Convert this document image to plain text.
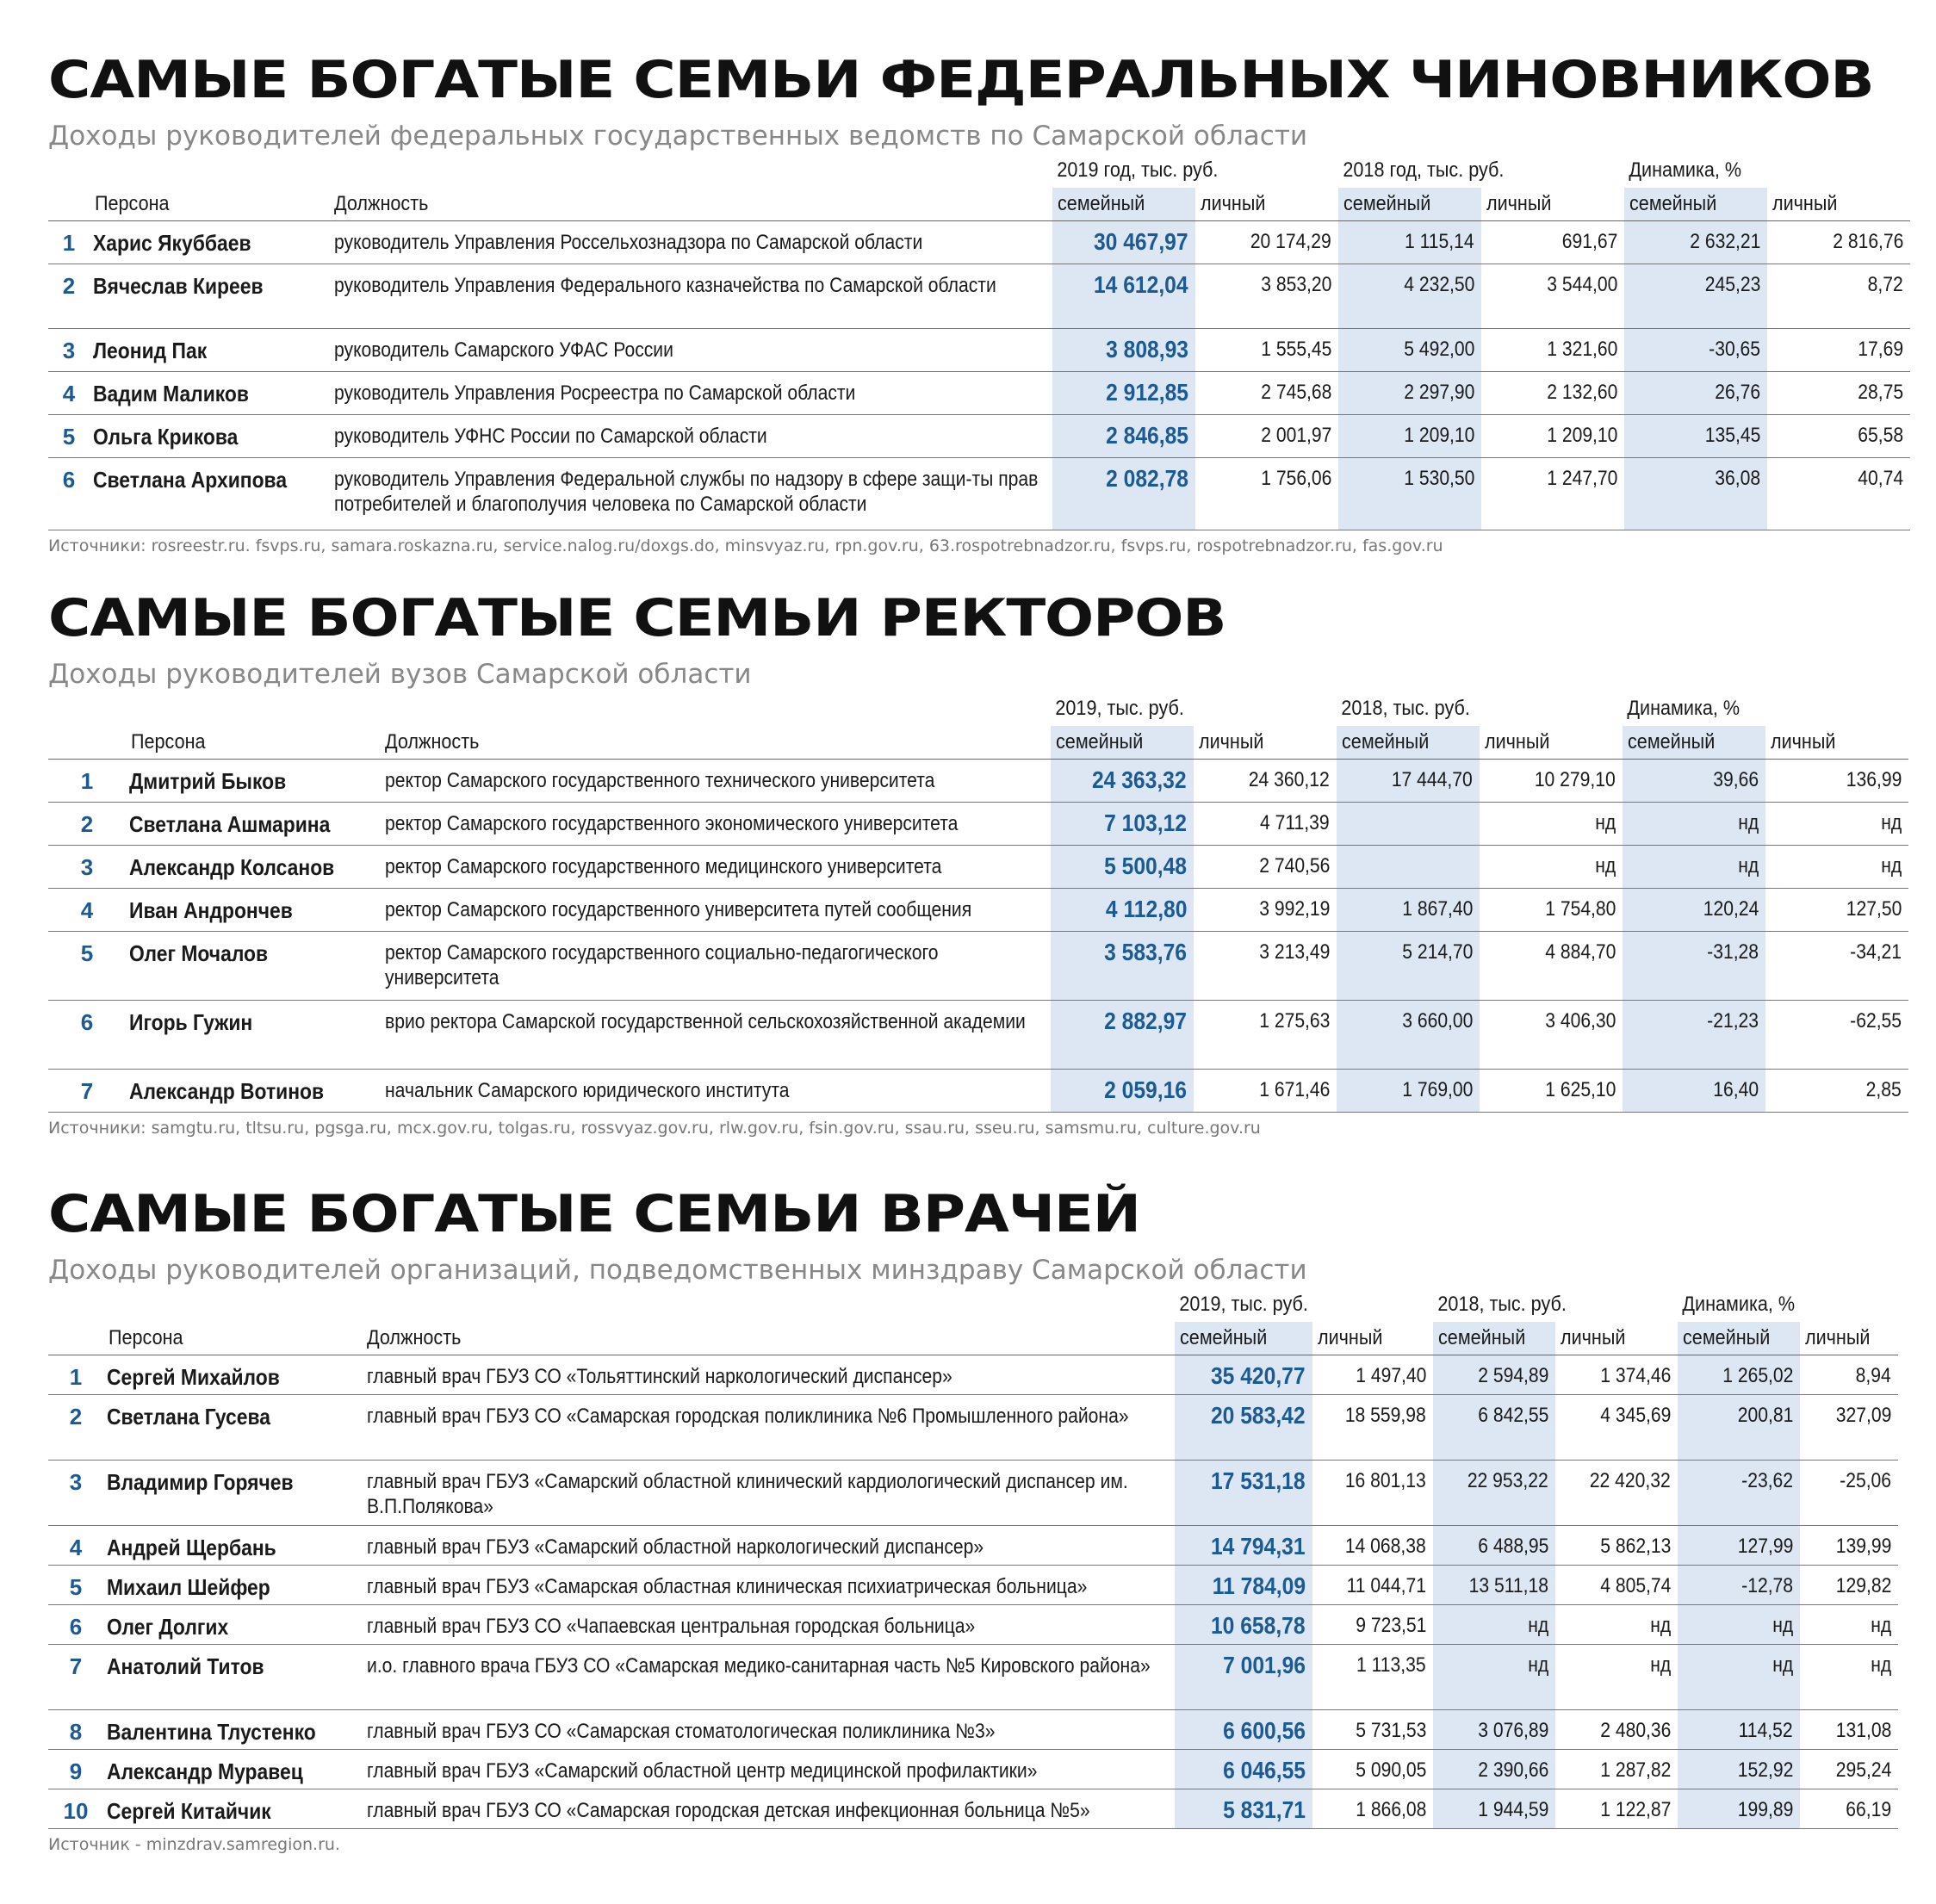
САМЫЕ БОГАТЫЕ СЕМЬИ ФЕДЕРАЛЬНЫХ ЧИНОВНИКОВ
Доходы руководителей федеральных государственных ведомств по Самарской области
			2019 год, тыс. руб.		2018 год, тыс. руб.		Динамика, %	
	Персона	Должность	семейный	личный	семейный	личный	семейный	личный
1	Харис Якуббаев	руководитель Управления Россельхознадзора по Самарской области	30 467,97	20 174,29	1 115,14	691,67	2 632,21	2 816,76
2	Вячеслав Киреев	руководитель Управления Федерального казначейства по Самарской области	14 612,04	3 853,20	4 232,50	3 544,00	245,23	8,72
3	Леонид Пак	руководитель Самарского УФАС России	3 808,93	1 555,45	5 492,00	1 321,60	-30,65	17,69
4	Вадим Маликов	руководитель Управления Росреестра по Самарской области	2 912,85	2 745,68	2 297,90	2 132,60	26,76	28,75
5	Ольга Крикова	руководитель УФНС России по Самарской области	2 846,85	2 001,97	1 209,10	1 209,10	135,45	65,58
6	Светлана Архипова	руководитель Управления Федеральной службы по надзору в сфере защи-ты прав потребителей и благополучия человека по Самарской области	2 082,78	1 756,06	1 530,50	1 247,70	36,08	40,74
Источники: rosreestr.ru. fsvps.ru, samara.roskazna.ru, service.nalog.ru/doxgs.do, minsvyaz.ru, rpn.gov.ru, 63.rospotrebnadzor.ru, fsvps.ru, rospotrebnadzor.ru, fas.gov.ru
САМЫЕ БОГАТЫЕ СЕМЬИ РЕКТОРОВ
Доходы руководителей вузов Самарской области
			2019, тыс. руб.		2018, тыс. руб.		Динамика, %	
	Персона	Должность	семейный	личный	семейный	личный	семейный	личный
1	Дмитрий Быков	ректор Самарского государственного технического университета	24 363,32	24 360,12	17 444,70	10 279,10	39,66	136,99
2	Светлана Ашмарина	ректор Самарского государственного экономического университета	7 103,12	4 711,39		нд	нд	нд
3	Александр Колсанов	ректор Самарского государственного медицинского университета	5 500,48	2 740,56		нд	нд	нд
4	Иван Андрончев	ректор Самарского государственного университета путей сообщения	4 112,80	3 992,19	1 867,40	1 754,80	120,24	127,50
5	Олег Мочалов	ректор Самарского государственного социально-педагогического университета	3 583,76	3 213,49	5 214,70	4 884,70	-31,28	-34,21
6	Игорь Гужин	врио ректора Самарской государственной сельскохозяйственной академии	2 882,97	1 275,63	3 660,00	3 406,30	-21,23	-62,55
7	Александр Вотинов	начальник Самарского юридического института	2 059,16	1 671,46	1 769,00	1 625,10	16,40	2,85
Источники: samgtu.ru, tltsu.ru, pgsga.ru, mcx.gov.ru, tolgas.ru, rossvyaz.gov.ru, rlw.gov.ru, fsin.gov.ru, ssau.ru, sseu.ru, samsmu.ru, culture.gov.ru
САМЫЕ БОГАТЫЕ СЕМЬИ ВРАЧЕЙ
Доходы руководителей организаций, подведомственных минздраву Самарской области
			2019, тыс. руб.		2018, тыс. руб.		Динамика, %	
	Персона	Должность	семейный	личный	семейный	личный	семейный	личный
1	Сергей Михайлов	главный врач ГБУЗ СО «Тольяттинский наркологический диспансер»	35 420,77	1 497,40	2 594,89	1 374,46	1 265,02	8,94
2	Светлана Гусева	главный врач ГБУЗ СО «Самарская городская поликлиника №6 Промышленного района»	20 583,42	18 559,98	6 842,55	4 345,69	200,81	327,09
3	Владимир Горячев	главный врач ГБУЗ «Самарский областной клинический кардиологический диспансер им. В.П.Полякова»	17 531,18	16 801,13	22 953,22	22 420,32	-23,62	-25,06
4	Андрей Щербань	главный врач ГБУЗ «Самарский областной наркологический диспансер»	14 794,31	14 068,38	6 488,95	5 862,13	127,99	139,99
5	Михаил Шейфер	главный врач ГБУЗ «Самарская областная клиническая психиатрическая больница»	11 784,09	11 044,71	13 511,18	4 805,74	-12,78	129,82
6	Олег Долгих	главный врач ГБУЗ СО «Чапаевская центральная городская больница»	10 658,78	9 723,51	нд	нд	нд	нд
7	Анатолий Титов	и.о. главного врача ГБУЗ СО «Самарская медико-санитарная часть №5 Кировского района»	7 001,96	1 113,35	нд	нд	нд	нд
8	Валентина Тлустенко	главный врач ГБУЗ СО «Самарская стоматологическая поликлиника №3»	6 600,56	5 731,53	3 076,89	2 480,36	114,52	131,08
9	Александр Муравец	главный врач ГБУЗ «Самарский областной центр медицинской профилактики»	6 046,55	5 090,05	2 390,66	1 287,82	152,92	295,24
10	Сергей Китайчик	главный врач ГБУЗ СО «Самарская городская детская инфекционная больница №5»	5 831,71	1 866,08	1 944,59	1 122,87	199,89	66,19
Источник - minzdrav.samregion.ru.
